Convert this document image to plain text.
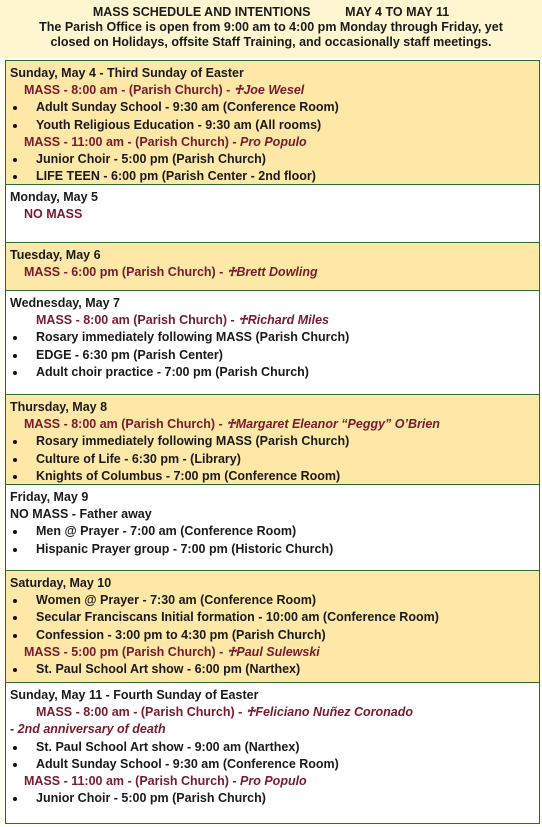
MASS SCHEDULE AND INTENTIONS	MAY 4 TO MAY 11
The Parish Office is open from 9:00 am to 4:00 pm Monday through Friday, yet
closed on Holidays, offsite Staff Training, and occasionally staff meetings.
Sunday, May 4 - Third Sunday of Easter
MASS - 8:00 am - (Parish Church) - ♱Joe Wesel
Adult Sunday School - 9:30 am (Conference Room)
Youth Religious Education - 9:30 am (All rooms)
MASS - 11:00 am - (Parish Church) - Pro Populo
Junior Choir - 5:00 pm (Parish Church)
LIFE TEEN - 6:00 pm (Parish Center - 2nd floor)
Monday, May 5
NO MASS
Tuesday, May 6
MASS - 6:00 pm (Parish Church) - ♱Brett Dowling
Wednesday, May 7
MASS - 8:00 am (Parish Church) - ♱Richard Miles
Rosary immediately following MASS (Parish Church)
EDGE - 6:30 pm (Parish Center)
Adult choir practice - 7:00 pm (Parish Church)
Thursday, May 8
MASS - 8:00 am (Parish Church) - ♱Margaret Eleanor “Peggy” O’Brien
Rosary immediately following MASS (Parish Church)
Culture of Life - 6:30 pm - (Library)
Knights of Columbus - 7:00 pm (Conference Room)
Friday, May 9
NO MASS - Father away
Men @ Prayer - 7:00 am (Conference Room)
Hispanic Prayer group - 7:00 pm (Historic Church)
Saturday, May 10
Women @ Prayer - 7:30 am (Conference Room)
Secular Franciscans Initial formation - 10:00 am (Conference Room)
Confession - 3:00 pm to 4:30 pm (Parish Church)
MASS - 5:00 pm (Parish Church) - ♱Paul Sulewski
St. Paul School Art show - 6:00 pm (Narthex)
Sunday, May 11 - Fourth Sunday of Easter
MASS - 8:00 am - (Parish Church) - ♱Feliciano Nuñez Coronado
- 2nd anniversary of death
St. Paul School Art show - 9:00 am (Narthex)
Adult Sunday School - 9:30 am (Conference Room)
MASS - 11:00 am - (Parish Church) - Pro Populo
Junior Choir - 5:00 pm (Parish Church)
